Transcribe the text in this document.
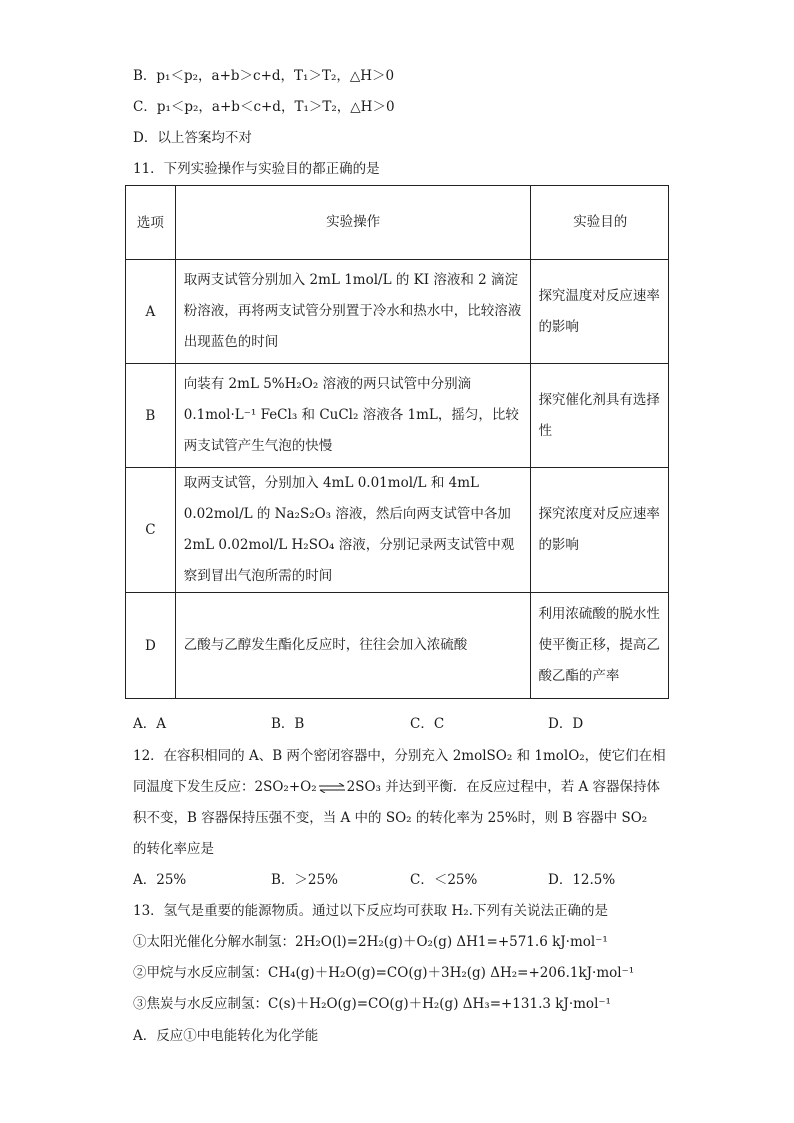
B．p₁＜p₂，a+b＞c+d，T₁＞T₂，△H＞0
C．p₁＜p₂，a+b＜c+d，T₁＞T₂，△H＞0
D．以上答案均不对
11．下列实验操作与实验目的都正确的是
选项	实验操作	实验目的
A	取两支试管分别加入 2mL 1mol/L 的 KI 溶液和 2 滴淀粉溶液，再将两支试管分别置于冷水和热水中，比较溶液出现蓝色的时间	探究温度对反应速率的影响
B	向装有 2mL 5%H₂O₂ 溶液的两只试管中分别滴 0.1mol·L⁻¹ FeCl₃ 和 CuCl₂ 溶液各 1mL，摇匀，比较两支试管产生气泡的快慢	探究催化剂具有选择性
C	取两支试管，分别加入 4mL 0.01mol/L 和 4mL 0.02mol/L 的 Na₂S₂O₃ 溶液，然后向两支试管中各加 2mL 0.02mol/L H₂SO₄ 溶液，分别记录两支试管中观察到冒出气泡所需的时间	探究浓度对反应速率的影响
D	乙酸与乙醇发生酯化反应时，往往会加入浓硫酸	利用浓硫酸的脱水性使平衡正移，提高乙酸乙酯的产率
A．A	B．B	C．C	D．D
12．在容积相同的 A、B 两个密闭容器中，分别充入 2molSO₂ 和 1molO₂，使它们在相
同温度下发生反应：2SO₂+O₂⇌2SO₃ 并达到平衡．在反应过程中，若 A 容器保持体
积不变，B 容器保持压强不变，当 A 中的 SO₂ 的转化率为 25%时，则 B 容器中 SO₂
的转化率应是
A．25%	B．＞25%	C．＜25%	D．12.5%
13．氢气是重要的能源物质。通过以下反应均可获取 H₂.下列有关说法正确的是
①太阳光催化分解水制氢：2H₂O(l)=2H₂(g)＋O₂(g) ΔH1=+571.6 kJ·mol⁻¹
②甲烷与水反应制氢：CH₄(g)＋H₂O(g)=CO(g)＋3H₂(g) ΔH₂=+206.1kJ·mol⁻¹
③焦炭与水反应制氢：C(s)＋H₂O(g)=CO(g)＋H₂(g) ΔH₃=+131.3 kJ·mol⁻¹
A．反应①中电能转化为化学能
